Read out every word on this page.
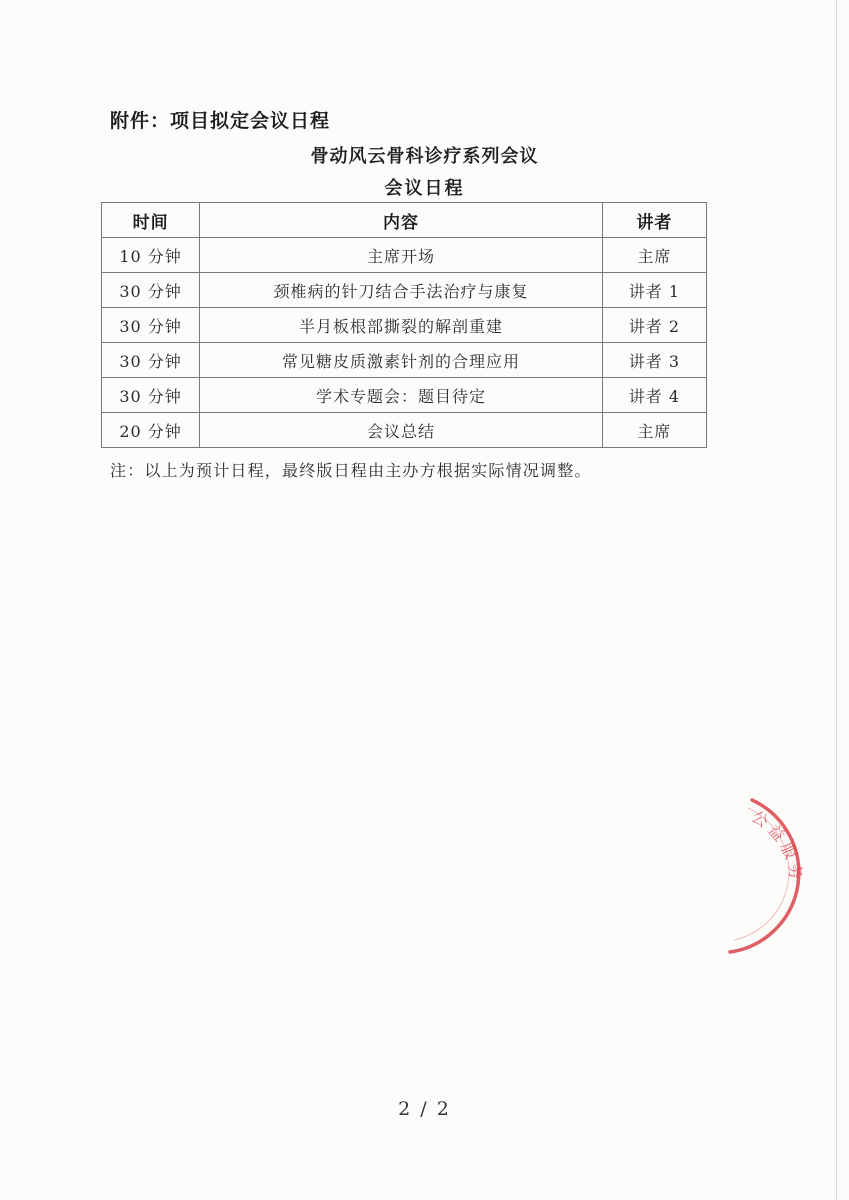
附件：项目拟定会议日程
骨动风云骨科诊疗系列会议
会议日程
时间	内容	讲者
10 分钟	主席开场	主席
30 分钟	颈椎病的针刀结合手法治疗与康复	讲者 1
30 分钟	半月板根部撕裂的解剖重建	讲者 2
30 分钟	常见糖皮质激素针剂的合理应用	讲者 3
30 分钟	学术专题会：题目待定	讲者 4
20 分钟	会议总结	主席
注：以上为预计日程，最终版日程由主办方根据实际情况调整。
公益服务
2 / 2
